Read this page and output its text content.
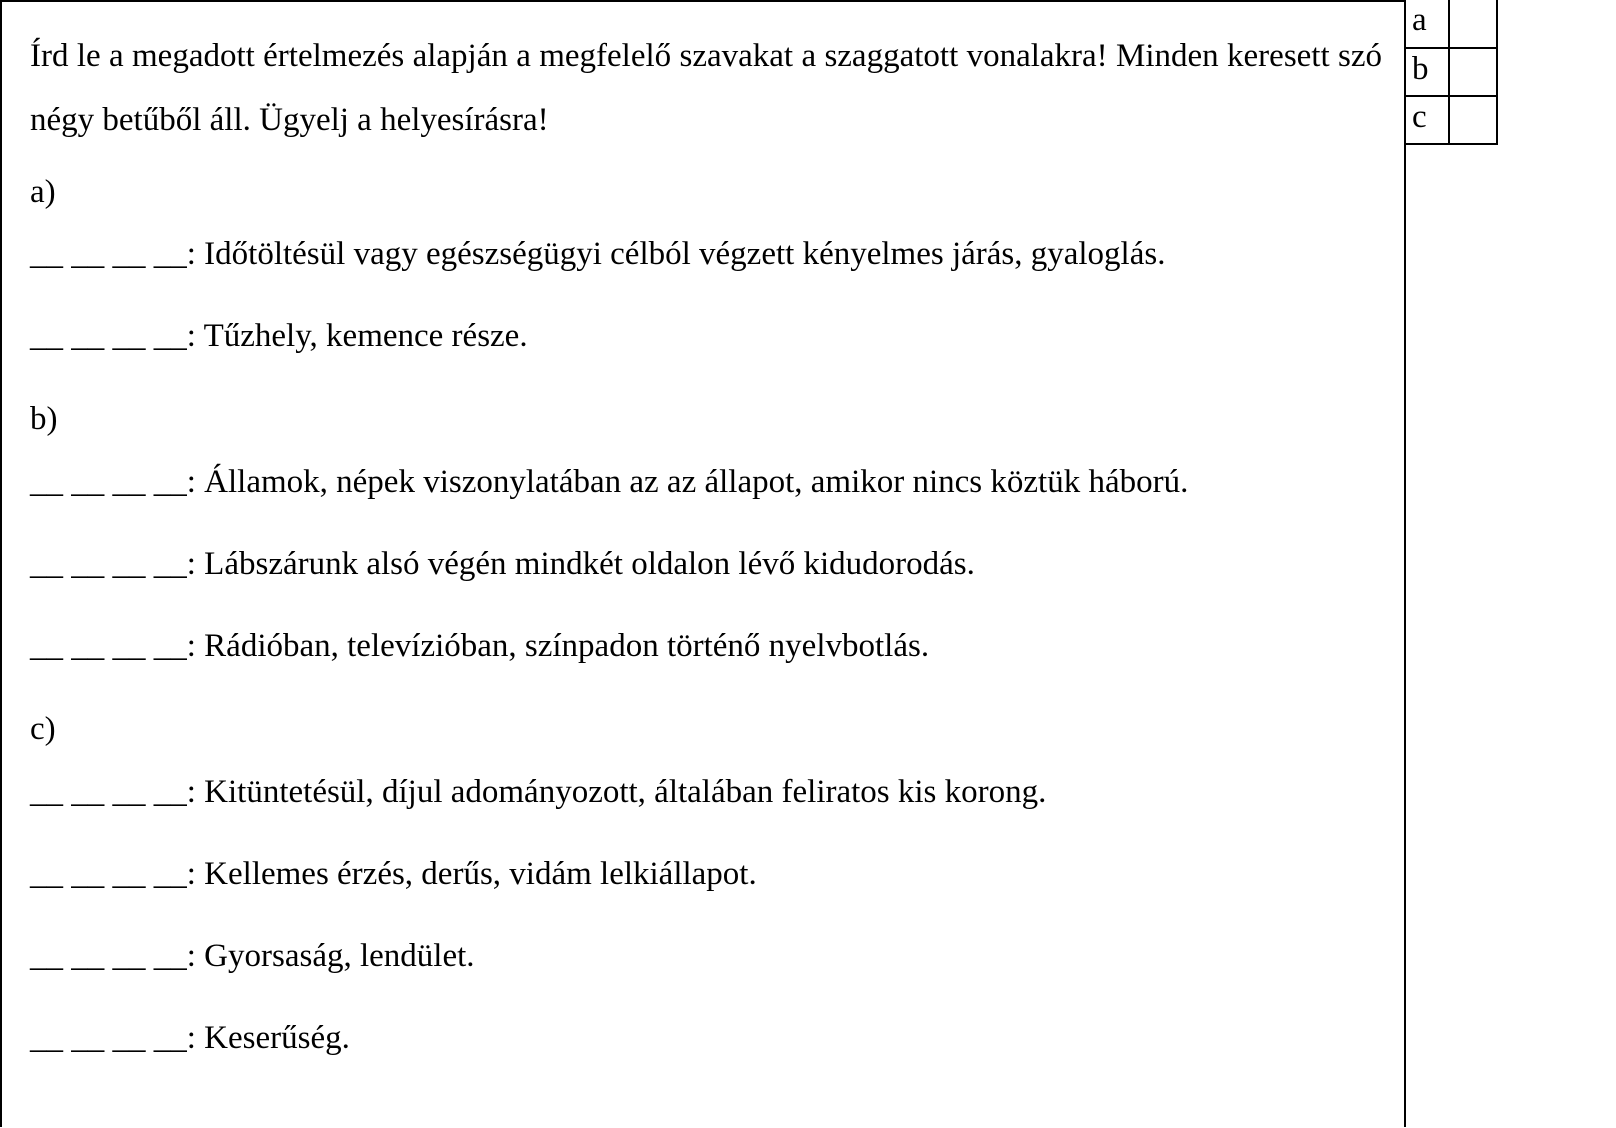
Írd le a megadott értelmezés alapján a megfelelő szavakat a szaggatott vonalakra! Minden keresett szó négy betűből áll. Ügyelj a helyesírásra!

a)

__ __ __ __: Időtöltésül vagy egészségügyi célból végzett kényelmes járás, gyaloglás.

__ __ __ __: Tűzhely, kemence része.

b)

__ __ __ __: Államok, népek viszonylatában az az állapot, amikor nincs köztük háború.

__ __ __ __: Lábszárunk alsó végén mindkét oldalon lévő kidudorodás.

__ __ __ __: Rádióban, televízióban, színpadon történő nyelvbotlás.

c)

__ __ __ __: Kitüntetésül, díjul adományozott, általában feliratos kis korong.

__ __ __ __: Kellemes érzés, derűs, vidám lelkiállapot.

__ __ __ __: Gyorsaság, lendület.

__ __ __ __: Keserűség.

a	
b	
c	
